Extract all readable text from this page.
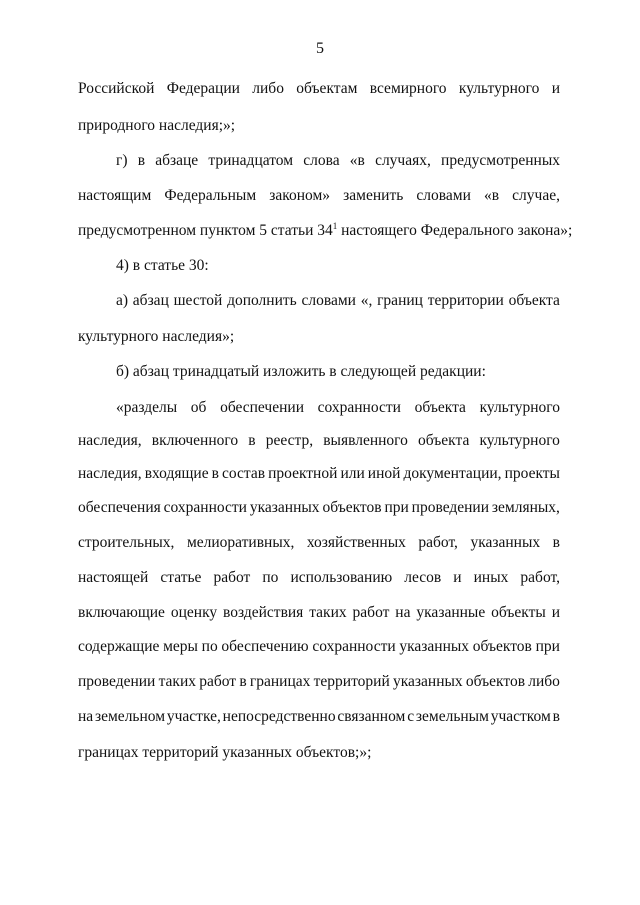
5
Российской Федерации либо объектам всемирного культурного и
природного наследия;»;
г) в абзаце тринадцатом слова «в случаях, предусмотренных
настоящим Федеральным законом» заменить словами «в случае,
предусмотренном пунктом 5 статьи $34^1$ настоящего Федерального закона»;
4) в статье 30:
а) абзац шестой дополнить словами «, границ территории объекта
культурного наследия»;
б) абзац тринадцатый изложить в следующей редакции:
«разделы об обеспечении сохранности объекта культурного
наследия, включенного в реестр, выявленного объекта культурного
наследия, входящие в состав проектной или иной документации, проекты
обеспечения сохранности указанных объектов при проведении земляных,
строительных, мелиоративных, хозяйственных работ, указанных в
настоящей статье работ по использованию лесов и иных работ,
включающие оценку воздействия таких работ на указанные объекты и
содержащие меры по обеспечению сохранности указанных объектов при
проведении таких работ в границах территорий указанных объектов либо
на земельном участке, непосредственно связанном с земельным участком в
границах территорий указанных объектов;»;
